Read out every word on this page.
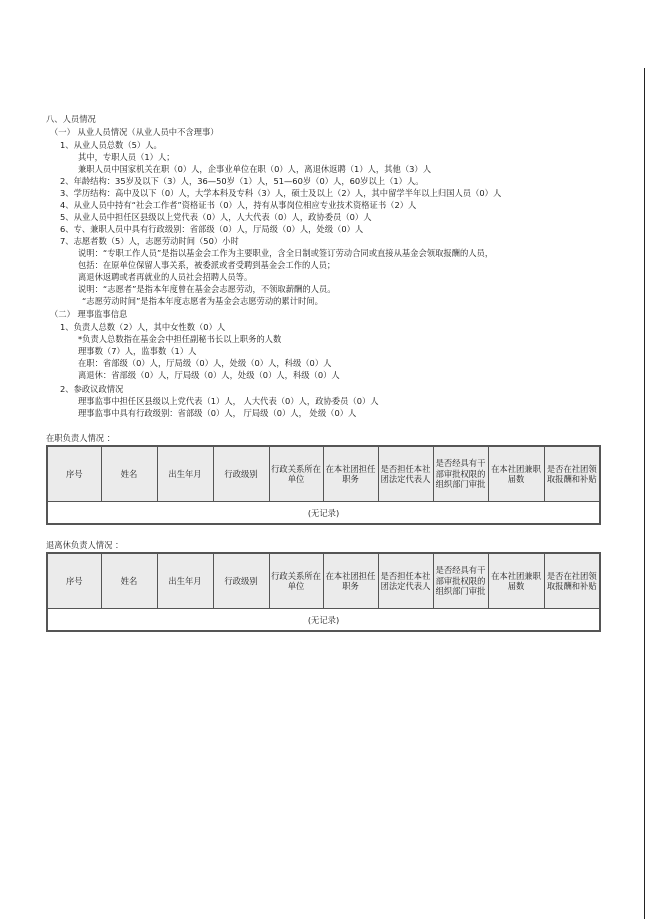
八、人员情况
（一） 从业人员情况（从业人员中不含理事）
1、从业人员总数（5）人。
其中，专职人员（1）人；
兼职人员中国家机关在职（0）人，企事业单位在职（0）人，离退休返聘（1）人，其他（3）人
2、年龄结构：35岁及以下（3）人，36—50岁（1）人，51—60岁（0）人，60岁以上（1）人。
3、学历结构：高中及以下（0）人，大学本科及专科（3）人，硕士及以上（2）人，其中留学半年以上归国人员（0）人
4、从业人员中持有“社会工作者”资格证书（0）人，持有从事岗位相应专业技术资格证书（2）人
5、从业人员中担任区县级以上党代表（0）人，人大代表（0）人，政协委员（0）人
6、专、兼职人员中具有行政级别：省部级（0）人，厅局级（0）人，处级（0）人
7、志愿者数（5）人，志愿劳动时间（50）小时
说明：“专职工作人员”是指以基金会工作为主要职业，含全日制或签订劳动合同或直接从基金会领取报酬的人员，
包括：在原单位保留人事关系，被委派或者受聘到基金会工作的人员；
离退休返聘或者再就业的人员社会招聘人员等。
说明：“志愿者”是指本年度曾在基金会志愿劳动，不领取薪酬的人员。
“志愿劳动时间”是指本年度志愿者为基金会志愿劳动的累计时间。
（二） 理事监事信息
1、负责人总数（2）人，其中女性数（0）人
*负责人总数指在基金会中担任副秘书长以上职务的人数
理事数（7）人，监事数（1）人
在职：省部级（0）人，厅局级（0）人，处级（0）人，科级（0）人
离退休：省部级（0）人，厅局级（0）人，处级（0）人，科级（0）人
2、参政议政情况
理事监事中担任区县级以上党代表（1）人， 人大代表（0）人，政协委员（0）人
理事监事中具有行政级别：省部级（0）人， 厅局级（0）人， 处级（0）人
在职负责人情况 ：
序号	姓名	出生年月	行政级别	行政关系所在单位	在本社团担任职务	是否担任本社团法定代表人	是否经具有干部审批权限的组织部门审批	在本社团兼职届数	是否在社团领取报酬和补贴
(无记录)
退离休负责人情况 ：
序号	姓名	出生年月	行政级别	行政关系所在单位	在本社团担任职务	是否担任本社团法定代表人	是否经具有干部审批权限的组织部门审批	在本社团兼职届数	是否在社团领取报酬和补贴
(无记录)
